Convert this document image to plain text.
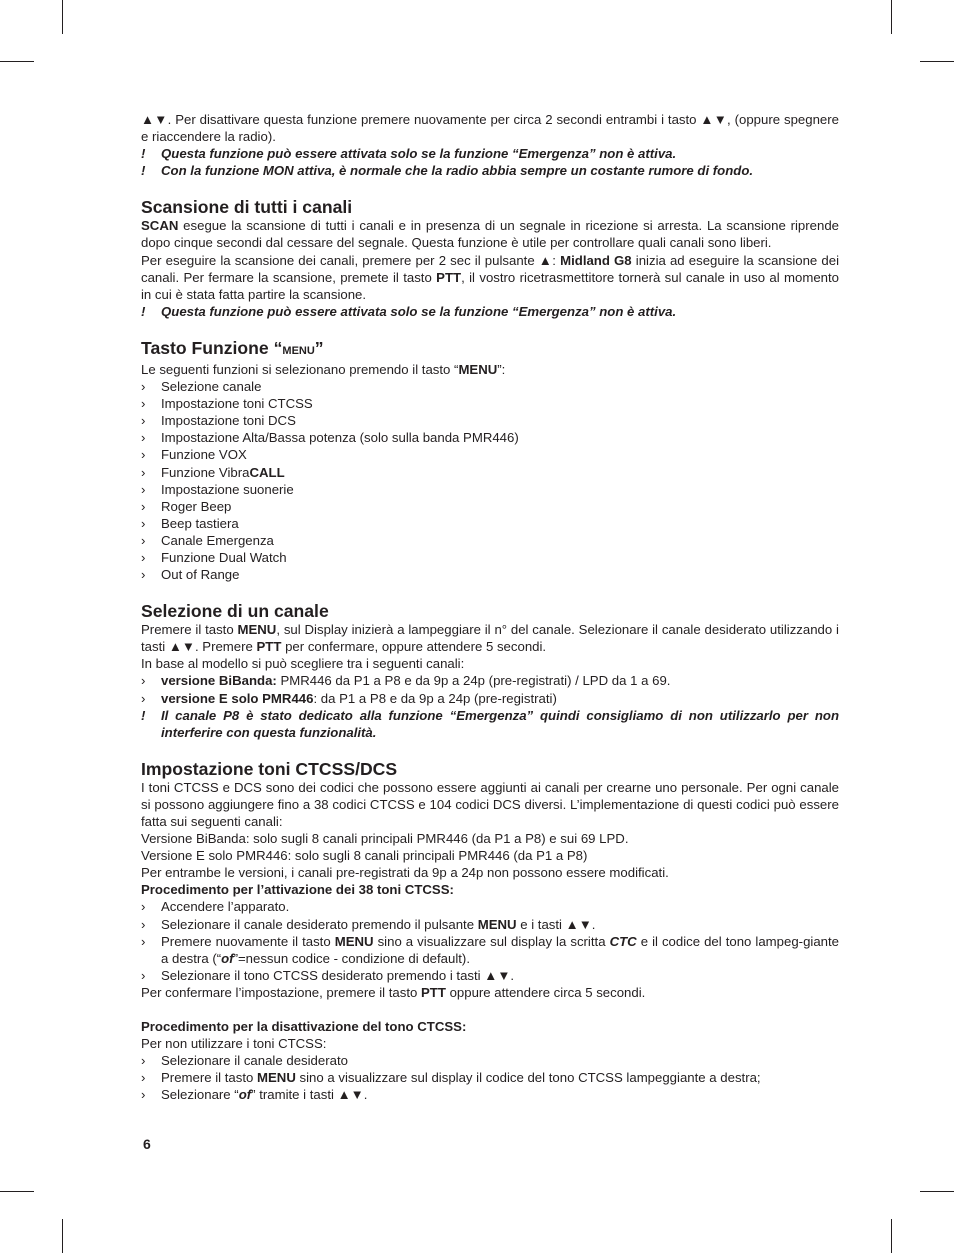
▲▼. Per disattivare questa funzione premere nuovamente per circa 2 secondi entrambi i tasto ▲▼, (oppure spegnere e riaccendere la radio).

! Questa funzione può essere attivata solo se la funzione “Emergenza” non è attiva.

! Con la funzione MON attiva, è normale che la radio abbia sempre un costante rumore di fondo.

Scansione di tutti i canali

SCAN esegue la scansione di tutti i canali e in presenza di un segnale in ricezione si arresta. La scansione riprende dopo cinque secondi dal cessare del segnale. Questa funzione è utile per controllare quali canali sono liberi.

Per eseguire la scansione dei canali, premere per 2 sec il pulsante ▲: Midland G8 inizia ad eseguire la scansione dei canali. Per fermare la scansione, premete il tasto PTT, il vostro ricetrasmettitore tornerà sul canale in uso al momento in cui è stata fatta partire la scansione.

! Questa funzione può essere attivata solo se la funzione “Emergenza” non è attiva.

Tasto Funzione “MENU”

Le seguenti funzioni si selezionano premendo il tasto “MENU”:

› Selezione canale
› Impostazione toni CTCSS
› Impostazione toni DCS
› Impostazione Alta/Bassa potenza (solo sulla banda PMR446)
› Funzione VOX
› Funzione VibraCALL
› Impostazione suonerie
› Roger Beep
› Beep tastiera
› Canale Emergenza
› Funzione Dual Watch
› Out of Range
Selezione di un canale

Premere il tasto MENU, sul Display inizierà a lampeggiare il n° del canale. Selezionare il canale desiderato utilizzando i tasti ▲▼. Premere PTT per confermare, oppure attendere 5 secondi.

In base al modello si può scegliere tra i seguenti canali:

› versione BiBanda: PMR446 da P1 a P8 e da 9p a 24p (pre-registrati) / LPD da 1 a 69.
› versione E solo PMR446: da P1 a P8 e da 9p a 24p (pre-registrati)

! Il canale P8 è stato dedicato alla funzione “Emergenza” quindi consigliamo di non utilizzarlo per non interferire con questa funzionalità.

Impostazione toni CTCSS/DCS

I toni CTCSS e DCS sono dei codici che possono essere aggiunti ai canali per crearne uno personale. Per ogni canale si possono aggiungere fino a 38 codici CTCSS e 104 codici DCS diversi. L’implementazione di questi codici può essere fatta sui seguenti canali:

Versione BiBanda: solo sugli 8 canali principali PMR446 (da P1 a P8) e sui 69 LPD.

Versione E solo PMR446: solo sugli 8 canali principali PMR446 (da P1 a P8)

Per entrambe le versioni, i canali pre-registrati da 9p a 24p non possono essere modificati.

Procedimento per l’attivazione dei 38 toni CTCSS:

› Accendere l’apparato.
› Selezionare il canale desiderato premendo il pulsante MENU e i tasti ▲▼.
› Premere nuovamente il tasto MENU sino a visualizzare sul display la scritta CTC e il codice del tono lampeg-giante a destra (“of”=nessun codice - condizione di default).
› Selezionare il tono CTCSS desiderato premendo i tasti ▲▼.

Per confermare l’impostazione, premere il tasto PTT oppure attendere circa 5 secondi.

Procedimento per la disattivazione del tono CTCSS:

Per non utilizzare i toni CTCSS:

› Selezionare il canale desiderato
› Premere il tasto MENU sino a visualizzare sul display il codice del tono CTCSS lampeggiante a destra;
› Selezionare “of” tramite i tasti ▲▼.
6
